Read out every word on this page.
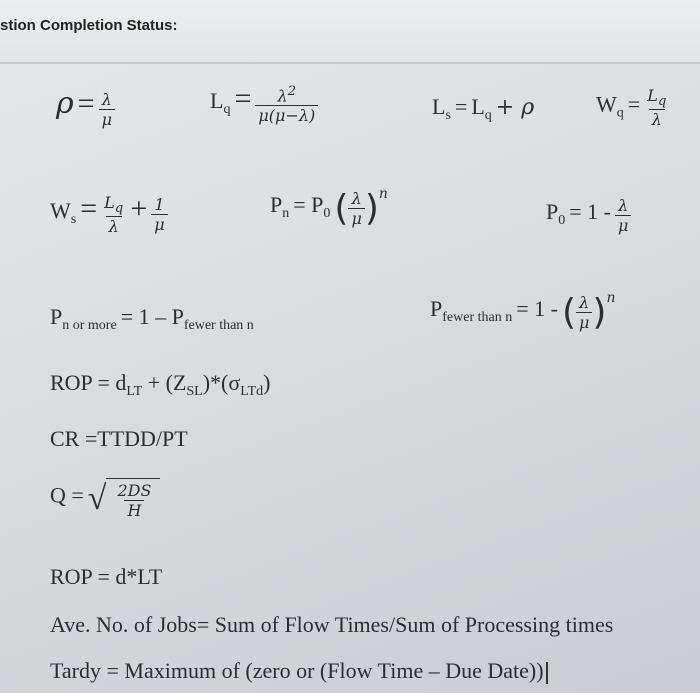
stion Completion Status:
$\rho = \frac{\lambda}{\mu}$	$Lq = \frac{\lambda^2}{\mu(\mu-\lambda)}$	Ls = Lq + ρ	$Wq = \frac{L_q}{\lambda}$
$Ws = \frac{L_q}{\lambda} + \frac{1}{\mu}$	Pn = P0 ( $\frac{\lambda}{\mu} )n$
$P0 = 1 - \frac{\lambda}{\mu}$
Pn or more = 1 – Pfewer than n
Pfewer than n = 1 - ( $\frac{\lambda}{\mu} )n$
ROP = $d_{LT} + (Z_{SL})*(\sigma_{LTd})$
CR =TTDD/PT
Q = √ $\frac{2DS}{H}$
ROP = d*LT
Ave. No. of Jobs= Sum of Flow Times/Sum of Processing times
Tardy = Maximum of (zero or (Flow Time – Due Date))
